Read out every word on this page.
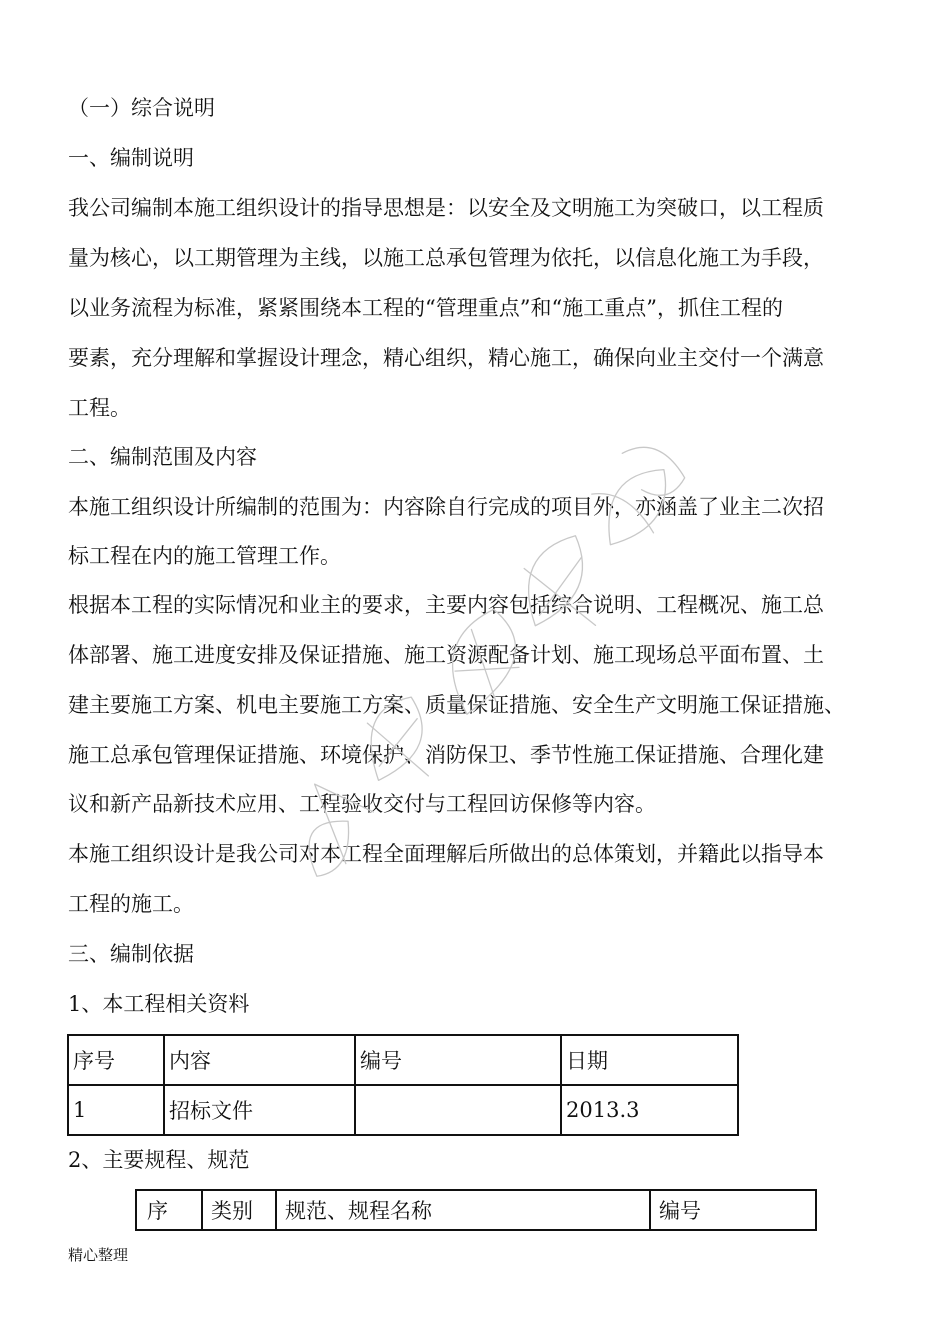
（一）综合说明
一、编制说明
我公司编制本施工组织设计的指导思想是：以安全及文明施工为突破口，以工程质
量为核心，以工期管理为主线，以施工总承包管理为依托，以信息化施工为手段，
以业务流程为标准，紧紧围绕本工程的“管理重点”和“施工重点”，抓住工程的
要素，充分理解和掌握设计理念，精心组织，精心施工，确保向业主交付一个满意
工程。
二、编制范围及内容
本施工组织设计所编制的范围为：内容除自行完成的项目外，亦涵盖了业主二次招
标工程在内的施工管理工作。
根据本工程的实际情况和业主的要求，主要内容包括综合说明、工程概况、施工总
体部署、施工进度安排及保证措施、施工资源配备计划、施工现场总平面布置、土
建主要施工方案、机电主要施工方案、质量保证措施、安全生产文明施工保证措施、
施工总承包管理保证措施、环境保护、消防保卫、季节性施工保证措施、合理化建
议和新产品新技术应用、工程验收交付与工程回访保修等内容。
本施工组织设计是我公司对本工程全面理解后所做出的总体策划，并籍此以指导本
工程的施工。
三、编制依据
1、本工程相关资料
序号	内容	编号	日期
1	招标文件		2013.3
2、主要规程、规范
序	类别	规范、规程名称	编号
精心整理
